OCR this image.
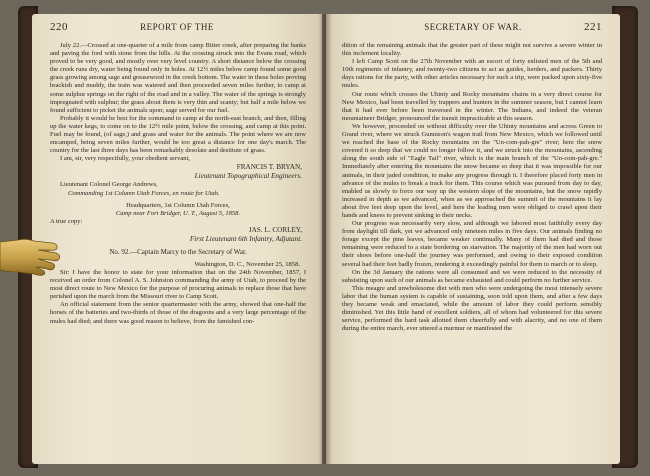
220	REPORT OF THE

July 22.—Crossed at one-quarter of a mile from camp Bitter creek, after preparing the banks and paving the ford with stone from the hills. At the crossing struck into the Evans road, which proved to be very good, and mostly over very level country. A short distance below the crossing the creek runs dry, water being found only in holes. At 12½ miles below camp found some good grass growing among sage and greasewood in the creek bottom. The water in these holes proving brackish and muddy, the train was watered and then proceeded seven miles further, to camp at some sulphur springs on the right of the road and in a valley. The water of the springs is strongly impregnated with sulphur; the grass about them is very thin and scanty; but half a mile below we found sufficient to picket the animals upon; sage served for our fuel.

Probably it would be best for the command to camp at the north-east branch, and then, filling up the water kegs, to come on to the 12½ mile point, below the crossing, and camp at this point. Fuel may be found, (of sage,) and grass and water for the animals. The point where we are now encamped, being seven miles further, would be too great a distance for one day's march. The country for the last three days has been remarkably desolate and destitute of grass.

I am, sir, very respectfully, your obedient servant,

FRANCIS T. BRYAN,

Lieutenant Topographical Engineers.

Lieutenant Colonel George Andrews,

Commanding 1st Column Utah Forces, en route for Utah.

Headquarters, 1st Column Utah Forces,

Camp near Fort Bridger, U. T., August 5, 1858.

A true copy:

JAS. L. CORLEY,

First Lieutenant 6th Infantry, Adjutant.

No. 92.—Captain Marcy to the Secretary of War.

Washington, D. C., November 25, 1858.

Sir: I have the honor to state for your information that on the 24th November, 1857, I received an order from Colonel A. S. Johnston commanding the army of Utah, to proceed by the most direct route to New Mexico for the purpose of procuring animals to replace those that have perished upon the march from the Missouri river to Camp Scott.

An official statement from the senior quartermaster with the army, showed that one-half the horses of the batteries and two-thirds of those of the dragoons and a very large percentage of the mules had died; and there was good reason to believe, from the famished con-

SECRETARY OF WAR.	221

dition of the remaining animals that the greater part of these might not survive a severe winter in this inclement locality.

I left Camp Scott on the 27th November with an escort of forty enlisted men of the 5th and 10th regiments of infantry, and twenty-two citizens to act as guides, herders, and packers. Thirty days rations for the party, with other articles necessary for such a trip, were packed upon sixty-five mules.

Our route which crosses the Uhinty and Rocky mountains chains in a very direct course for New Mexico, had been travelled by trappers and hunters in the summer season, but I cannot learn that it had ever before been traversed in the winter. The Indians, and indeed the veteran mountaineer Bridger, pronounced the transit impracticable at this season.

We however, proceeded on without difficulty over the Uhinty mountains and across Green to Grand river, where we struck Gunnison's wagon trail from New Mexico, which we followed until we reached the base of the Rocky mountains on the "Un-com-pah-gre" river; here the snow covered it so deep that we could no longer follow it, and we struck into the mountains, ascending along the south side of "Eagle Tail" river, which is the main branch of the "Un-com-pah-gre." Immediately after entering the mountains the snow became so deep that it was impossible for our animals, in their jaded condition, to make any progress through it. I therefore placed forty men in advance of the mules to break a track for them. This course which was pursued from day to day, enabled us slowly to force our way up the western slope of the mountains, but the snow rapidly increased in depth as we advanced, when as we approached the summit of the mountains it lay about five feet deep upon the level, and here the leading men were obliged to crawl upon their hands and knees to prevent sinking to their necks.

Our progress was necessarily very slow, and although we labored most faithfully every day from daylight till dark, yet we advanced only nineteen miles in five days. Our animals finding no forage except the pine leaves, became weaker continually. Many of them had died and those remaining were reduced to a state bordering on starvation. The majority of the men had worn out their shoes before one-half the journey was performed, and owing to their exposed condition several had their feet badly frozen, rendering it exceedingly painful for them to march or to sleep.

On the 3d January the rations were all consumed and we were reduced to the necessity of subsisting upon such of our animals as became exhausted and could perform no further service.

This meagre and unwholesome diet with men who were undergoing the most intensely severe labor that the human system is capable of sustaining, soon told upon them, and after a few days they became weak and emaciated, while the amount of labor they could perform sensibly diminished. Yet this little band of excellent soldiers, all of whom had volunteered for this severe service, performed the hard task allotted them cheerfully and with alacrity, and no one of them during the entire march, ever uttered a murmur or manifested the
